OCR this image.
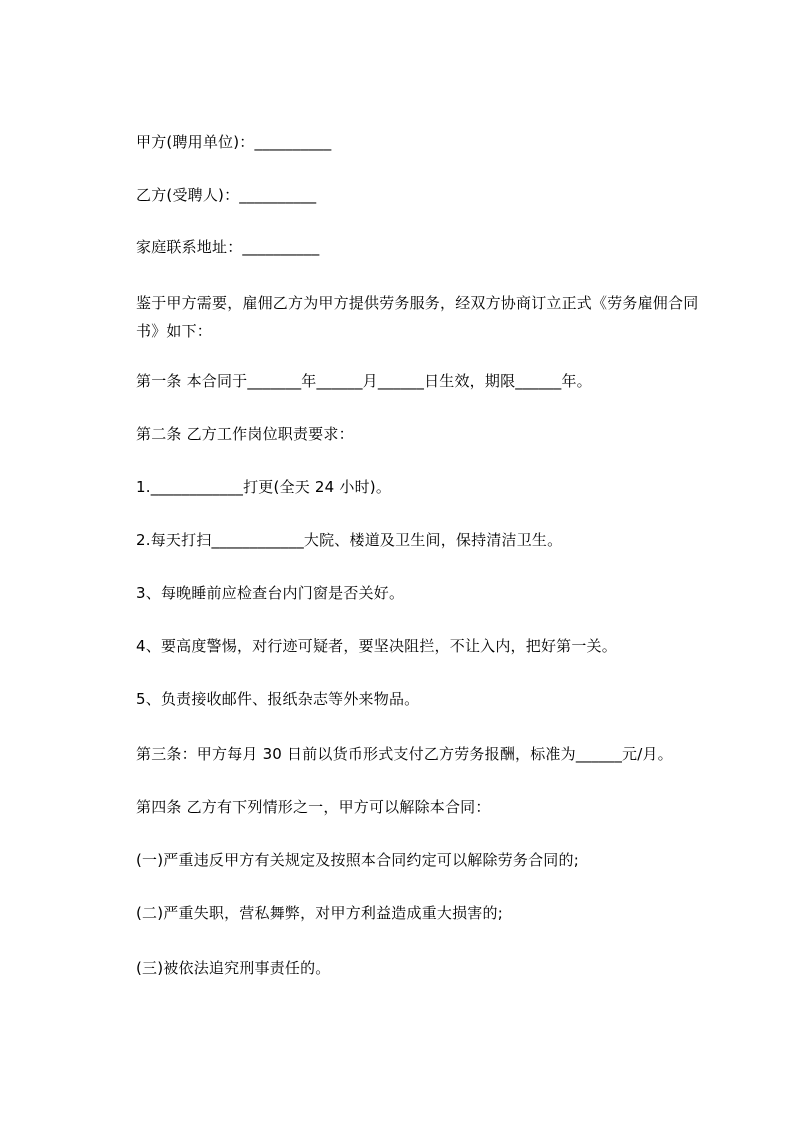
甲方(聘用单位)：__________
乙方(受聘人)：__________
家庭联系地址：__________
鉴于甲方需要，雇佣乙方为甲方提供劳务服务，经双方协商订立正式《劳务雇佣合同书》如下：
第一条 本合同于_______年______月______日生效，期限______年。
第二条 乙方工作岗位职责要求：
1.____________打更(全天 24 小时)。
2.每天打扫____________大院、楼道及卫生间，保持清洁卫生。
3、每晚睡前应检查台内门窗是否关好。
4、要高度警惕，对行迹可疑者，要坚决阻拦，不让入内，把好第一关。
5、负责接收邮件、报纸杂志等外来物品。
第三条：甲方每月 30 日前以货币形式支付乙方劳务报酬，标准为______元/月。
第四条 乙方有下列情形之一，甲方可以解除本合同：
(一)严重违反甲方有关规定及按照本合同约定可以解除劳务合同的;
(二)严重失职，营私舞弊，对甲方利益造成重大损害的;
(三)被依法追究刑事责任的。
